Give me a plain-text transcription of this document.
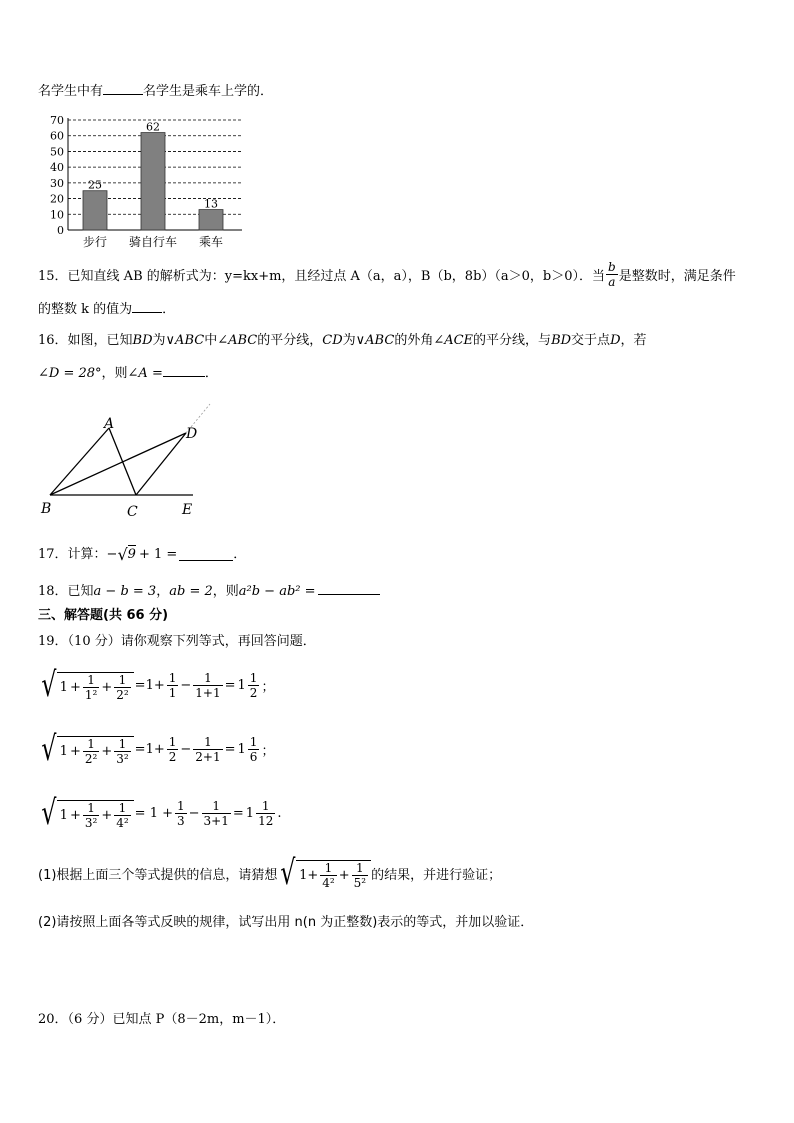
名学生中有	名学生是乘车上学的．
0
10
20
30
40
50
60
70
25
步行
62
骑自行车
13
乘车
15．已知直线 AB 的解析式为：y=kx+m，且经过点 A（a，a），B（b，8b）（a＞0，b＞0）．当 $\frac{b}{a}$ 是整数时，满足条件
的整数 k 的值为 ．
16．如图，已知BD为∨ABC中∠ABC的平分线，CD为∨ABC的外角∠ACE的平分线，与BD交于点D，若
∠D = 28°，则∠A =	．
A
B	C
D
E
17．计算： − √ 9 + 1 =	．
18．已知a − b = 3，ab = 2，则a²b − ab² =
三、解答题(共 66 分)
19．（10 分）请你观察下列等式，再回答问题．
√ $1 + \frac{1}{\text{1²}} + \frac{1}{\text{2²}} =1+ \frac{1}{1} - \frac{1}{1+1} = 1 \frac{1}{2}$ ；
√ $1 + \frac{1}{\text{2²}} + \frac{1}{\text{3²}} =1+ \frac{1}{2} - \frac{1}{2+1} = 1 \frac{1}{6}$ ；
√ $1 + \frac{1}{\text{3²}} + \frac{1}{\text{4²}} = 1 + \frac{1}{3} - \frac{1}{3+1} = 1 \frac{1}{12}$ .
(1)根据上面三个等式提供的信息，请猜想 √ $1+ \frac{1}{\text{4²}} + \frac{1}{\text{5²}}$ 的结果，并进行验证；
(2)请按照上面各等式反映的规律，试写出用 n(n 为正整数)表示的等式，并加以验证．
20．（6 分）已知点 P（8－2m，m－1）．
